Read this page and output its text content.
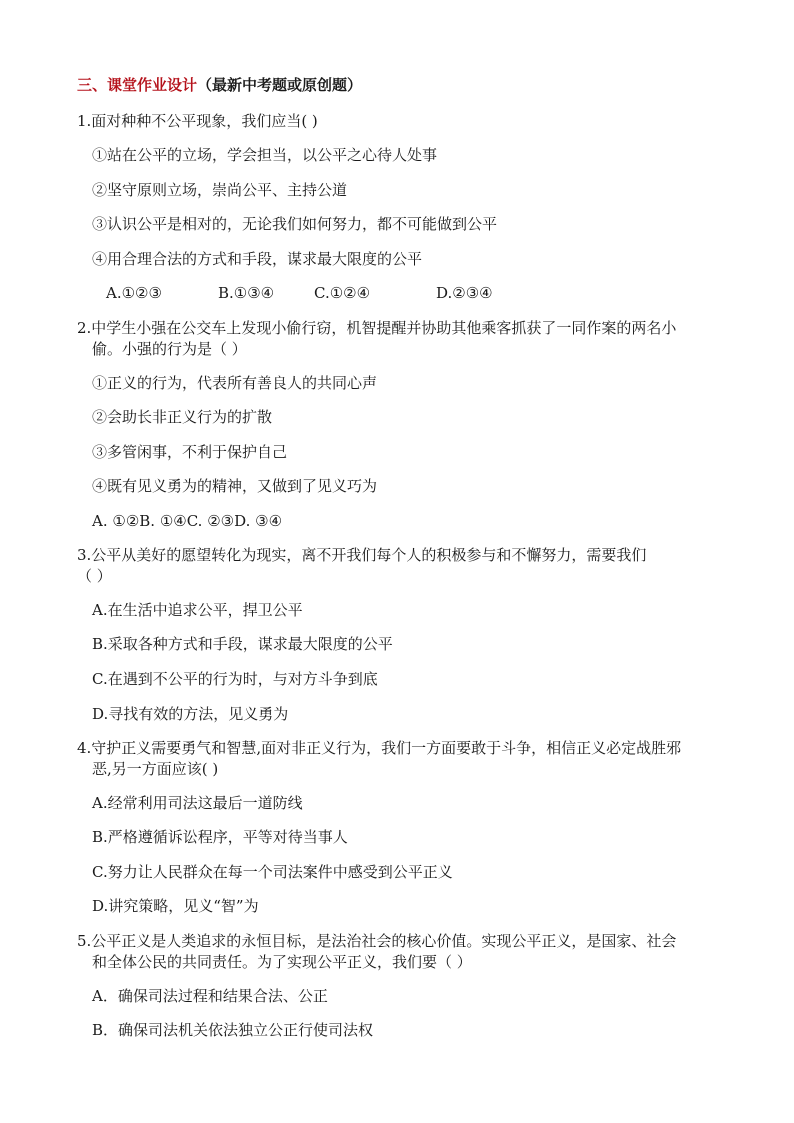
三、课堂作业设计（最新中考题或原创题）
1.面对种种不公平现象，我们应当( )
①站在公平的立场，学会担当，以公平之心待人处事
②坚守原则立场，崇尚公平、主持公道
③认识公平是相对的，无论我们如何努力，都不可能做到公平
④用合理合法的方式和手段，谋求最大限度的公平
A.①②③	B.①③④	C.①②④	D.②③④
2.中学生小强在公交车上发现小偷行窃，机智提醒并协助其他乘客抓获了一同作案的两名小
偷。小强的行为是（ ）
①正义的行为，代表所有善良人的共同心声
②会助长非正义行为的扩散
③多管闲事，不利于保护自己
④既有见义勇为的精神，又做到了见义巧为
A. ①②B. ①④C. ②③D. ③④
3.公平从美好的愿望转化为现实，离不开我们每个人的积极参与和不懈努力，需要我们
（ ）
A.在生活中追求公平，捍卫公平
B.采取各种方式和手段，谋求最大限度的公平
C.在遇到不公平的行为时，与对方斗争到底
D.寻找有效的方法，见义勇为
4.守护正义需要勇气和智慧,面对非正义行为，我们一方面要敢于斗争，相信正义必定战胜邪
恶,另一方面应该( )
A.经常利用司法这最后一道防线
B.严格遵循诉讼程序，平等对待当事人
C.努力让人民群众在每一个司法案件中感受到公平正义
D.讲究策略，见义“智”为
5.公平正义是人类追求的永恒目标，是法治社会的核心价值。实现公平正义，是国家、社会
和全体公民的共同责任。为了实现公平正义，我们要（ ）
A．确保司法过程和结果合法、公正
B．确保司法机关依法独立公正行使司法权
